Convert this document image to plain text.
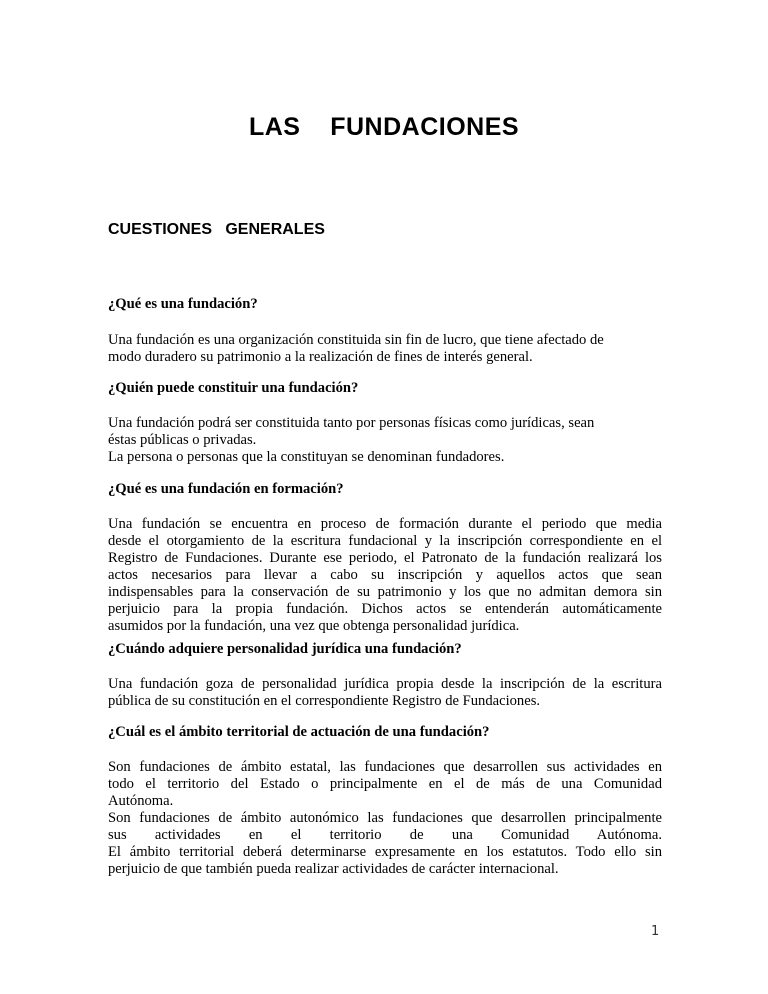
LAS    FUNDACIONES
CUESTIONES   GENERALES
¿Qué es una fundación?
Una fundación es una organización constituida sin fin de lucro, que tiene afectado de
modo duradero su patrimonio a la realización de fines de interés general.
¿Quién puede constituir una fundación?
Una fundación podrá ser constituida tanto por personas físicas como jurídicas, sean
éstas públicas o privadas.
La persona o personas que la constituyan se denominan fundadores.
¿Qué es una fundación en formación?
Una fundación se encuentra en proceso de formación durante el periodo que media
desde el otorgamiento de la escritura fundacional y la inscripción correspondiente en el
Registro de Fundaciones. Durante ese periodo, el Patronato de la fundación realizará los
actos necesarios para llevar a cabo su inscripción y aquellos actos que sean
indispensables para la conservación de su patrimonio y los que no admitan demora sin
perjuicio para la propia fundación. Dichos actos se entenderán automáticamente
asumidos por la fundación, una vez que obtenga personalidad jurídica.
¿Cuándo adquiere personalidad jurídica una fundación?
Una fundación goza de personalidad jurídica propia desde la inscripción de la escritura
pública de su constitución en el correspondiente Registro de Fundaciones.
¿Cuál es el ámbito territorial de actuación de una fundación?
Son fundaciones de ámbito estatal, las fundaciones que desarrollen sus actividades en
todo el territorio del Estado o principalmente en el de más de una Comunidad
Autónoma.
Son fundaciones de ámbito autonómico las fundaciones que desarrollen principalmente
sus actividades en el territorio de una Comunidad Autónoma.
El ámbito territorial deberá determinarse expresamente en los estatutos. Todo ello sin
perjuicio de que también pueda realizar actividades de carácter internacional.
1
